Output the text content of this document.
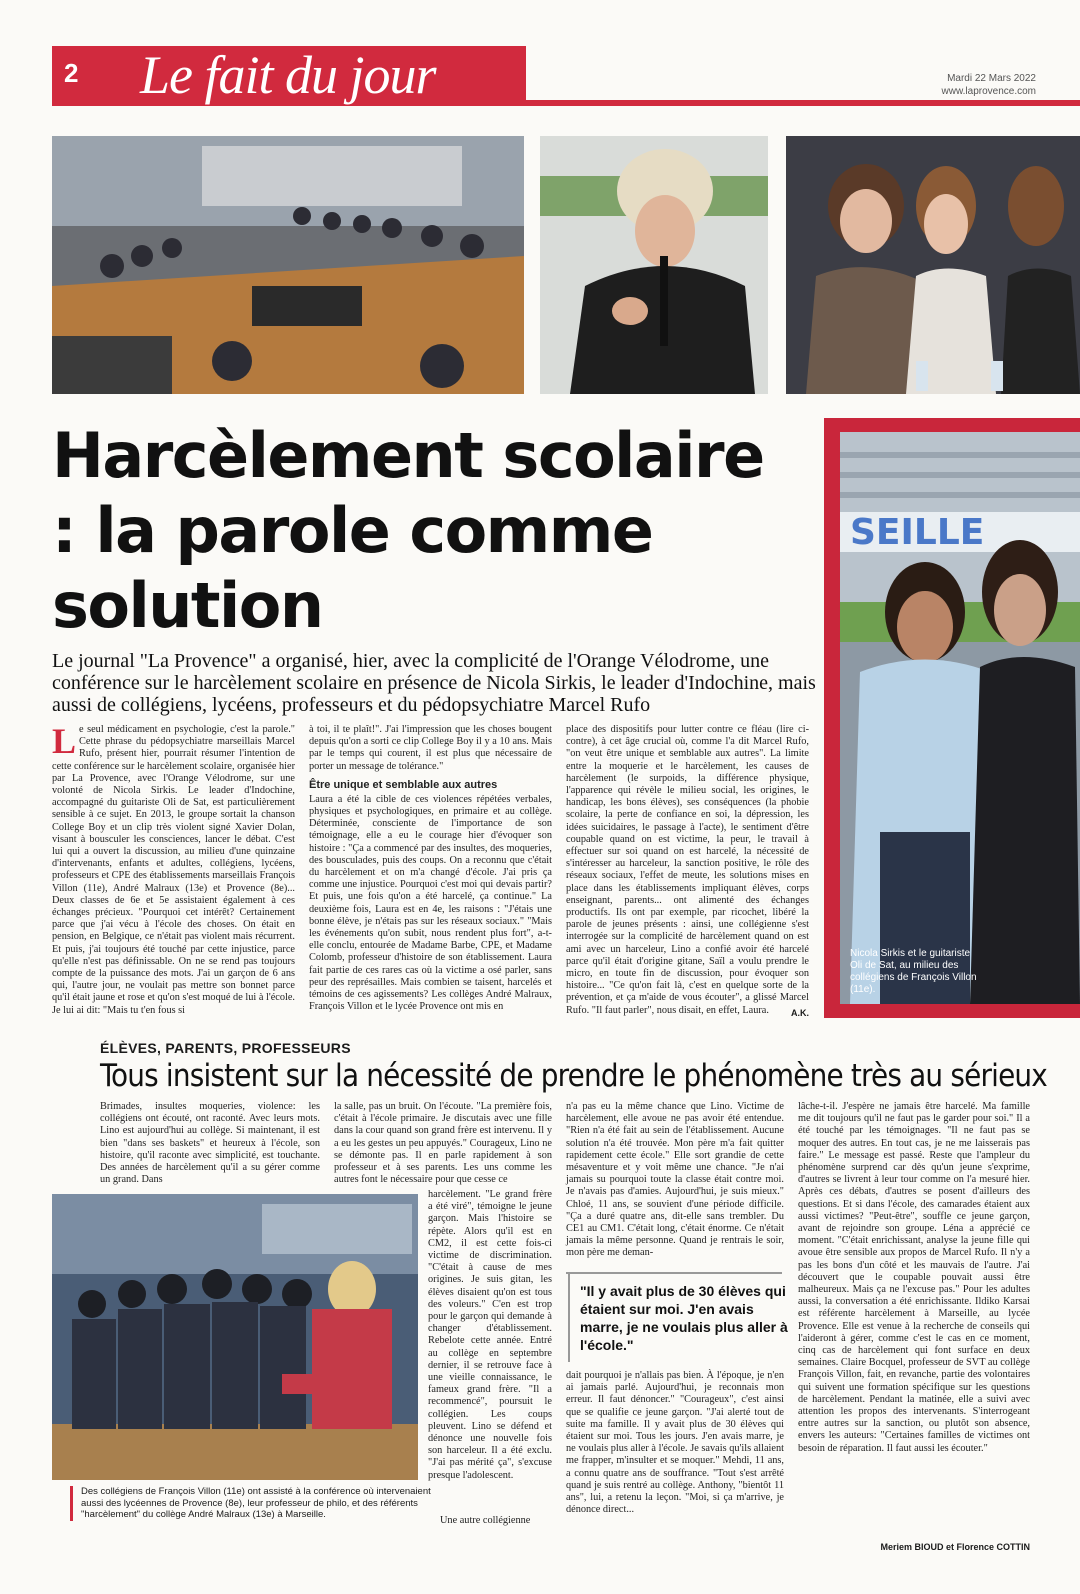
2 Le fait du jour	Mardi 22 Mars 2022
www.laprovence.com
Harcèlement scolaire : la parole comme solution
Le journal "La Provence" a organisé, hier, avec la complicité de l'Orange Vélodrome, une conférence sur le harcèlement scolaire en présence de Nicola Sirkis, le leader d'Indochine, mais aussi de collégiens, lycéens, professeurs et du pédopsychiatre Marcel Rufo
L e seul médicament en psychologie, c'est la parole." Cette phrase du pédopsychiatre marseillais Marcel Rufo, présent hier, pourrait résumer l'intention de cette conférence sur le harcèlement scolaire, organisée hier par La Provence, avec l'Orange Vélodrome, sur une volonté de Nicola Sirkis. Le leader d'Indochine, accompagné du guitariste Oli de Sat, est particulièrement sensible à ce sujet. En 2013, le groupe sortait la chanson College Boy et un clip très violent signé Xavier Dolan, visant à bousculer les consciences, lancer le débat. C'est lui qui a ouvert la discussion, au milieu d'une quinzaine d'intervenants, enfants et adultes, collégiens, lycéens, professeurs et CPE des établissements marseillais François Villon (11e), André Malraux (13e) et Provence (8e)... Deux classes de 6e et 5e assistaient également à ces échanges précieux. "Pourquoi cet intérêt? Certainement parce que j'ai vécu à l'école des choses. On était en pension, en Belgique, ce n'était pas violent mais récurrent. Et puis, j'ai toujours été touché par cette injustice, parce qu'elle n'est pas définissable. On ne se rend pas toujours compte de la puissance des mots. J'ai un garçon de 6 ans qui, l'autre jour, ne voulait pas mettre son bonnet parce qu'il était jaune et rose et qu'on s'est moqué de lui à l'école. Je lui ai dit: "Mais tu t'en fous si

à toi, il te plaît!". J'ai l'impression que les choses bougent depuis qu'on a sorti ce clip College Boy il y a 10 ans. Mais par le temps qui courent, il est plus que nécessaire de porter un message de tolérance."

Être unique et semblable aux autres

Laura a été la cible de ces violences répétées verbales, physiques et psychologiques, en primaire et au collège. Déterminée, consciente de l'importance de son témoignage, elle a eu le courage hier d'évoquer son histoire : "Ça a commencé par des insultes, des moqueries, des bousculades, puis des coups. On a reconnu que c'était du harcèlement et on m'a changé d'école. J'ai pris ça comme une injustice. Pourquoi c'est moi qui devais partir? Et puis, une fois qu'on a été harcelé, ça continue." La deuxième fois, Laura est en 4e, les raisons : "J'étais une bonne élève, je n'étais pas sur les réseaux sociaux." "Mais les événements qu'on subit, nous rendent plus fort", a-t-elle conclu, entourée de Madame Barbe, CPE, et Madame Colomb, professeur d'histoire de son établissement. Laura fait partie de ces rares cas où la victime a osé parler, sans peur des représailles. Mais combien se taisent, harcelés et témoins de ces agissements? Les collèges André Malraux, François Villon et le lycée Provence ont mis en

place des dispositifs pour lutter contre ce fléau (lire ci-contre), à cet âge crucial où, comme l'a dit Marcel Rufo, "on veut être unique et semblable aux autres". La limite entre la moquerie et le harcèlement, les causes de harcèlement (le surpoids, la différence physique, l'apparence qui révèle le milieu social, les origines, le handicap, les bons élèves), ses conséquences (la phobie scolaire, la perte de confiance en soi, la dépression, les idées suicidaires, le passage à l'acte), le sentiment d'être coupable quand on est victime, la peur, le travail à effectuer sur soi quand on est harcelé, la nécessité de s'intéresser au harceleur, la sanction positive, le rôle des réseaux sociaux, l'effet de meute, les solutions mises en place dans les établissements impliquant élèves, corps enseignant, parents... ont alimenté des échanges productifs. Ils ont par exemple, par ricochet, libéré la parole de jeunes présents : ainsi, une collégienne s'est interrogée sur la complicité de harcèlement quand on est ami avec un harceleur, Lino a confié avoir été harcelé parce qu'il était d'origine gitane, Saïl a voulu prendre le micro, en toute fin de discussion, pour évoquer son histoire... "Ce qu'on fait là, c'est en quelque sorte de la prévention, et ça m'aide de vous écouter", a glissé Marcel Rufo. "Il faut parler", nous disait, en effet, Laura.	A.K.
SEILLE
Nicola Sirkis et le guitariste Oli de Sat, au milieu des collégiens de François Villon (11e).
ÉLÈVES, PARENTS, PROFESSEURS
Tous insistent sur la nécessité de prendre le phénomène très au sérieux

Brimades, insultes moqueries, violence: les collégiens ont écouté, ont raconté. Avec leurs mots. Lino est aujourd'hui au collège. Si maintenant, il est bien "dans ses baskets" et heureux à l'école, son histoire, qu'il raconte avec simplicité, est touchante. Des années de harcèlement qu'il a su gérer comme un grand. Dans

la salle, pas un bruit. On l'écoute. "La première fois, c'était à l'école primaire. Je discutais avec une fille dans la cour quand son grand frère est intervenu. Il y a eu les gestes un peu appuyés." Courageux, Lino ne se démonte pas. Il en parle rapidement à son professeur et à ses parents. Les uns comme les autres font le nécessaire pour que cesse ce

Des collégiens de François Villon (11e) ont assisté à la conférence où intervenaient aussi des lycéennes de Provence (8e), leur professeur de philo, et des référents "harcèlement" du collège André Malraux (13e) à Marseille.

harcèlement. "Le grand frère a été viré", témoigne le jeune garçon. Mais l'histoire se répète. Alors qu'il est en CM2, il est cette fois-ci victime de discrimination. "C'était à cause de mes origines. Je suis gitan, les élèves disaient qu'on est tous des voleurs." C'en est trop pour le garçon qui demande à changer d'établissement. Rebelote cette année. Entré au collège en septembre dernier, il se retrouve face à une vieille connaissance, le fameux grand frère. "Il a recommencé", poursuit le collégien. Les coups pleuvent. Lino se défend et dénonce une nouvelle fois son harceleur. Il a été exclu. "J'ai pas mérité ça", s'excuse presque l'adolescent.

Une autre collégienne

n'a pas eu la même chance que Lino. Victime de harcèlement, elle avoue ne pas avoir été entendue. "Rien n'a été fait au sein de l'établissement. Aucune solution n'a été trouvée. Mon père m'a fait quitter rapidement cette école." Elle sort grandie de cette mésaventure et y voit même une chance. "Je n'ai jamais su pourquoi toute la classe était contre moi. Je n'avais pas d'amies. Aujourd'hui, je suis mieux." Chloé, 11 ans, se souvient d'une période difficile. "Ça a duré quatre ans, dit-elle sans trembler. Du CE1 au CM1. C'était long, c'était énorme. Ce n'était jamais la même personne. Quand je rentrais le soir, mon père me deman-

"Il y avait plus de 30 élèves qui étaient sur moi. J'en avais marre, je ne voulais plus aller à l'école."

dait pourquoi je n'allais pas bien. À l'époque, je n'en ai jamais parlé. Aujourd'hui, je reconnais mon erreur. Il faut dénoncer." "Courageux", c'est ainsi que se qualifie ce jeune garçon. "J'ai alerté tout de suite ma famille. Il y avait plus de 30 élèves qui étaient sur moi. Tous les jours. J'en avais marre, je ne voulais plus aller à l'école. Je savais qu'ils allaient me frapper, m'insulter et se moquer." Mehdi, 11 ans, a connu quatre ans de souffrance. "Tout s'est arrêté quand je suis rentré au collège. Anthony, "bientôt 11 ans", lui, a retenu la leçon. "Moi, si ça m'arrive, je dénonce direct...

lâche-t-il. J'espère ne jamais être harcelé. Ma famille me dit toujours qu'il ne faut pas le garder pour soi." Il a été touché par les témoignages. "Il ne faut pas se moquer des autres. En tout cas, je ne me laisserais pas faire." Le message est passé. Reste que l'ampleur du phénomène surprend car dès qu'un jeune s'exprime, d'autres se livrent à leur tour comme on l'a mesuré hier. Après ces débats, d'autres se posent d'ailleurs des questions. Et si dans l'école, des camarades étaient aux aussi victimes? "Peut-être", souffle ce jeune garçon, avant de rejoindre son groupe. Léna a apprécié ce moment. "C'était enrichissant, analyse la jeune fille qui avoue être sensible aux propos de Marcel Rufo. Il n'y a pas les bons d'un côté et les mauvais de l'autre. J'ai découvert que le coupable pouvait aussi être malheureux. Mais ça ne l'excuse pas." Pour les adultes aussi, la conversation a été enrichissante. Ildiko Karsai est référente harcèlement à Marseille, au lycée Provence. Elle est venue à la recherche de conseils qui l'aideront à gérer, comme c'est le cas en ce moment, cinq cas de harcèlement qui font surface en deux semaines. Claire Bocquel, professeur de SVT au collège François Villon, fait, en revanche, partie des volontaires qui suivent une formation spécifique sur les questions de harcèlement. Pendant la matinée, elle a suivi avec attention les propos des intervenants. S'interrogeant entre autres sur la sanction, ou plutôt son absence, envers les auteurs: "Certaines familles de victimes ont besoin de réparation. Il faut aussi les écouter."

Meriem BIOUD et Florence COTTIN
